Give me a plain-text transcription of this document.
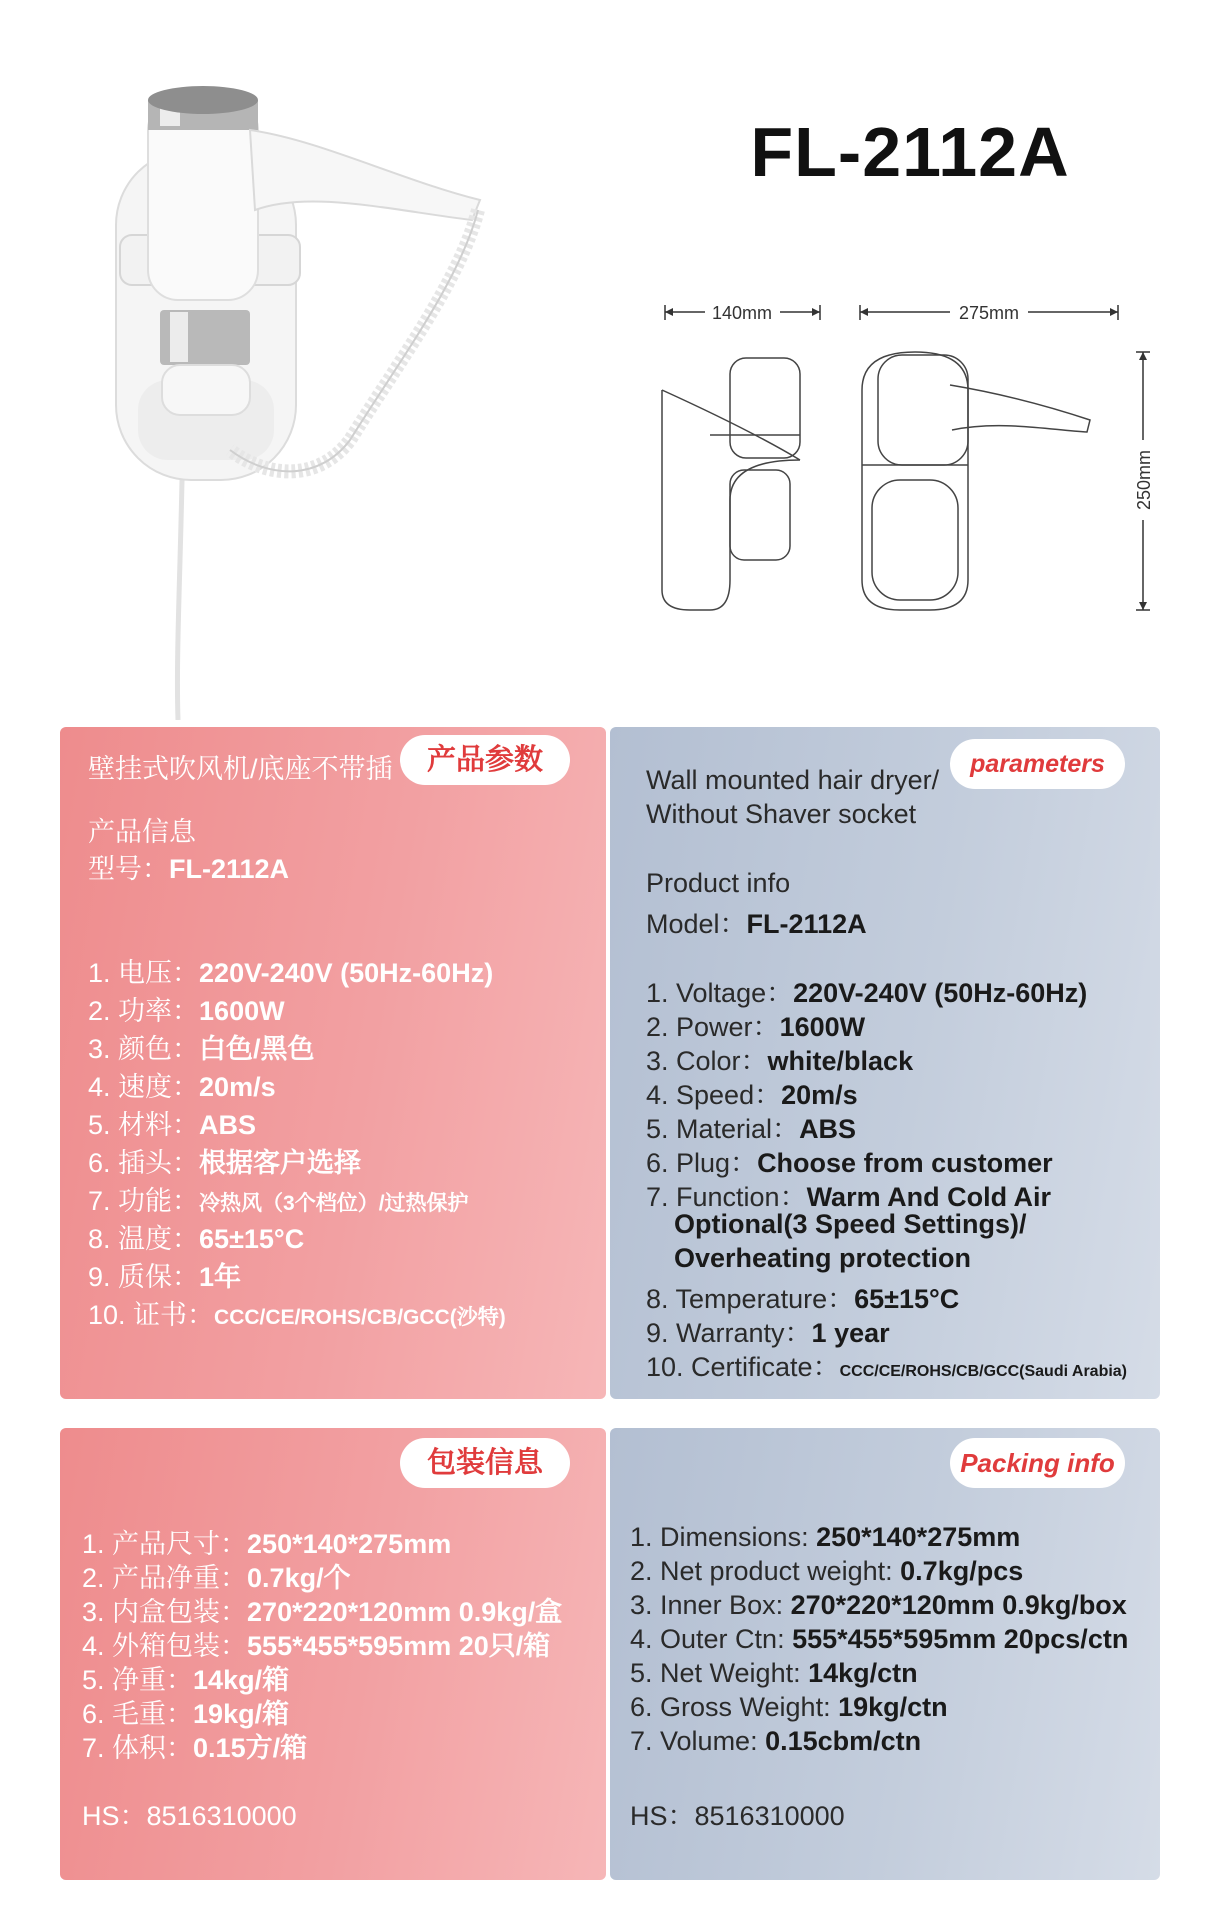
FL-2112A
140mm	275mm
250mm
产品参数
壁挂式吹风机/底座不带插
产品信息
型号：FL-2112A
1. 电压：220V-240V (50Hz-60Hz)
2. 功率：1600W
3. 颜色：白色/黑色
4. 速度：20m/s
5. 材料：ABS
6. 插头：根据客户选择
7. 功能：冷热风（3个档位）/过热保护
8. 温度：65±15°C
9. 质保：1年
10. 证书：CCC/CE/ROHS/CB/GCC(沙特)
parameters
Wall mounted hair dryer/
Without Shaver socket
Product info
Model：FL-2112A
1. Voltage：220V-240V (50Hz-60Hz)
2. Power：1600W
3. Color：white/black
4. Speed：20m/s
5. Material：ABS
6. Plug：Choose from customer
7. Function：Warm And Cold Air
Optional(3 Speed Settings)/
Overheating protection
8. Temperature：65±15°C
9. Warranty：1 year
10. Certificate：CCC/CE/ROHS/CB/GCC(Saudi Arabia)
包装信息
1. 产品尺寸：250*140*275mm
2. 产品净重：0.7kg/个
3. 内盒包装：270*220*120mm 0.9kg/盒
4. 外箱包装：555*455*595mm 20只/箱
5. 净重：14kg/箱
6. 毛重：19kg/箱
7. 体积：0.15方/箱
HS：8516310000
Packing info
1. Dimensions: 250*140*275mm
2. Net product weight: 0.7kg/pcs
3. Inner Box: 270*220*120mm 0.9kg/box
4. Outer Ctn: 555*455*595mm 20pcs/ctn
5. Net Weight: 14kg/ctn
6. Gross Weight: 19kg/ctn
7. Volume: 0.15cbm/ctn
HS：8516310000
